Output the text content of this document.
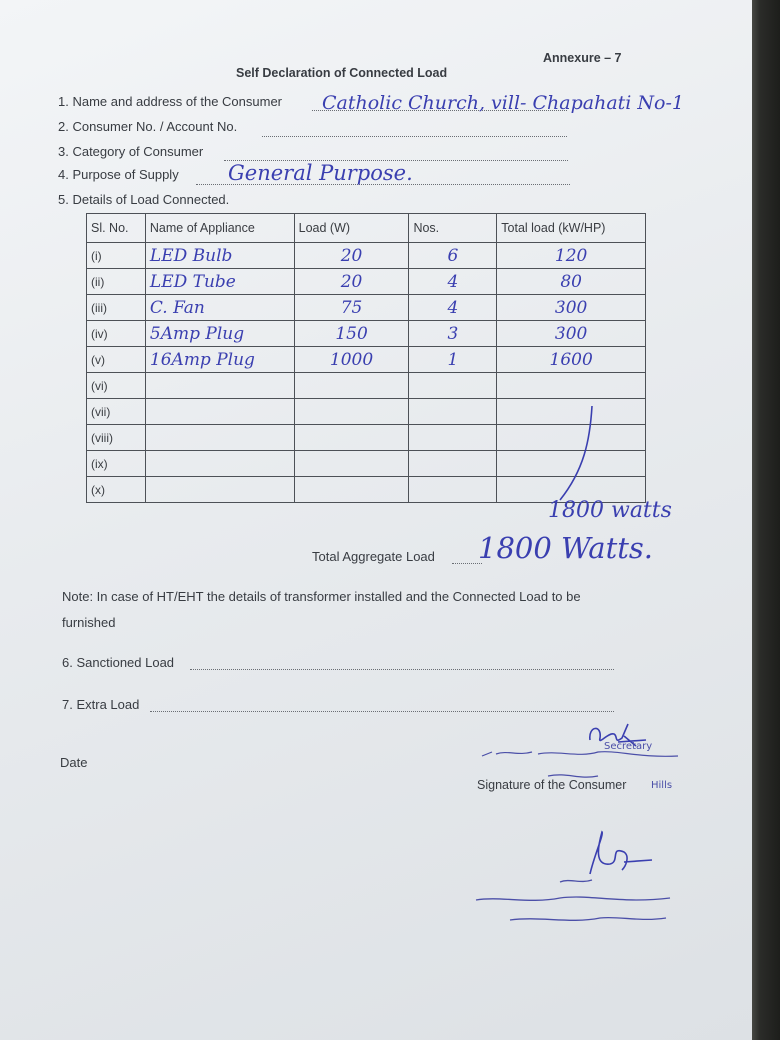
Annexure – 7
Self Declaration of Connected Load
1. Name and address of the Consumer Catholic Church, vill- Chapahati No-1
2. Consumer No. / Account No.
3. Category of Consumer
4. Purpose of Supply General Purpose.
5. Details of Load Connected.
Sl. No.	Name of Appliance	Load (W)	Nos.	Total load (kW/HP)
(i)	LED Bulb	20	6	120
(ii)	LED Tube	20	4	80
(iii)	C. Fan	75	4	300
(iv)	5Amp Plug	150	3	300
(v)	16Amp Plug	1000	1	1600
(vi)				
(vii)				
(viii)				
(ix)				
(x)				
1800 watts
Total Aggregate Load 1800 Watts.
Note: In case of HT/EHT the details of transformer installed and the Connected Load to be
furnished
6. Sanctioned Load
7. Extra Load
Date
Secretary
Signature of the Consumer Hills
